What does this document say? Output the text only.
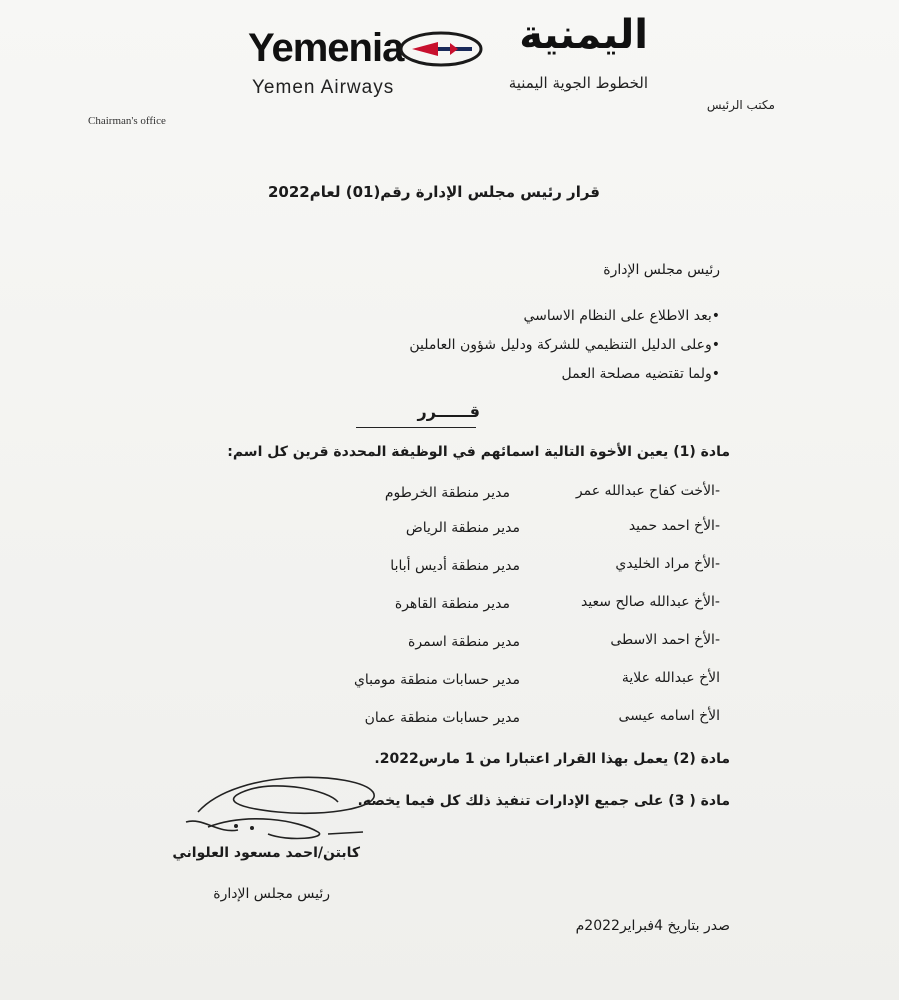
Yemenia
Yemen Airways
اليمنية
الخطوط الجوية اليمنية
Chairman's office
مكتب الرئيس
قرار رئيس مجلس الإدارة رقم(01) لعام2022
رئيس مجلس الإدارة
•بعد الاطلاع على النظام الاساسي
•وعلى الدليل التنظيمي للشركة ودليل شؤون العاملين
•ولما تقتضيه مصلحة العمل
قــــــرر
مادة (1) يعين الأخوة التالية اسمائهم في الوظيفة المحددة قرين كل اسم:
-الأخت كفاح عبدالله عمر
مدير منطقة الخرطوم
-الأخ احمد حميد
مدير منطقة الرياض
-الأخ مراد الخليدي
مدير منطقة أديس أبابا
-الأخ عبدالله صالح سعيد
مدير منطقة القاهرة
-الأخ احمد الاسطى
مدير منطقة اسمرة
الأخ عبدالله علاية
مدير حسابات منطقة مومباي
الأخ اسامه عيسى
مدير حسابات منطقة عمان
مادة (2) يعمل بهذا القرار اعتبارا من 1 مارس2022.
مادة ( 3) على جميع الإدارات تنفيذ ذلك كل فيما يخصه.
كابتن/احمد مسعود العلواني
رئيس مجلس الإدارة
صدر بتاريخ 4فبراير2022م
